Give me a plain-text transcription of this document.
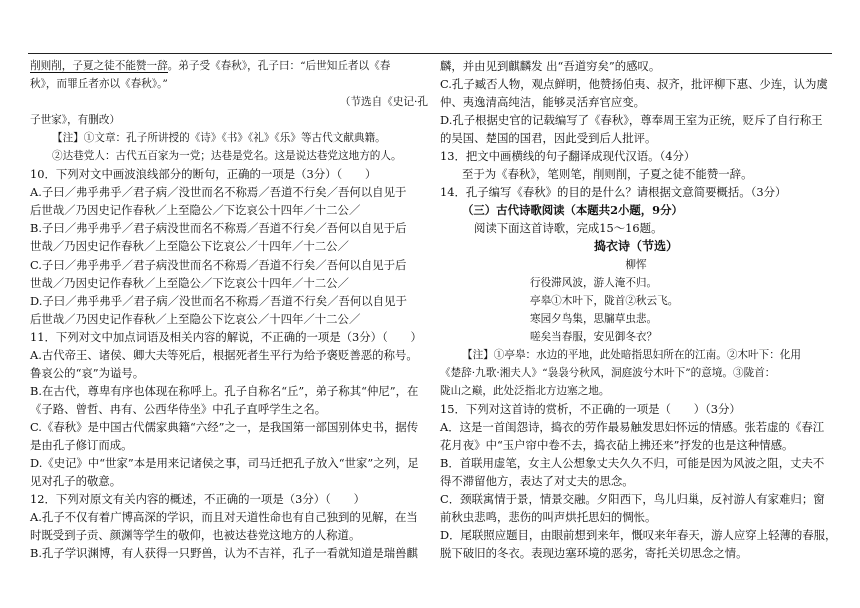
削则削，子夏之徒不能赞一辞。弟子受《春秋》，孔子曰：“后世知丘者以《春
秋》，而罪丘者亦以《春秋》。”
（节选自《史记·孔
子世家》，有删改）
【注】①文章：孔子所讲授的《诗》《书》《礼》《乐》等古代文献典籍。
②达巷党人：古代五百家为一党；达巷是党名。这是说达巷党这地方的人。
10．下列对文中画波浪线部分的断句，正确的一项是（3分）（　　）
A.子曰／弗乎弗乎／君子病／没世而名不称焉／吾道不行矣／吾何以自见于
后世哉／乃因史记作春秋／上至隐公／下讫哀公十四年／十二公／
B.子曰／弗乎弗乎／君子病没世而名不称焉／吾道不行矣／吾何以自见于后
世哉／乃因史记作春秋／上至隐公下讫哀公／十四年／十二公／
C.子曰／弗乎弗乎／君子病没世而名不称焉／吾道不行矣／吾何以自见于后
世哉／乃因史记作春秋／上至隐公／下讫哀公十四年／十二公／
D.子曰／弗乎弗乎／君子病／没世而名不称焉／吾道不行矣／吾何以自见于
后世哉／乃因史记作春秋／上至隐公下讫哀公／十四年／十二公／
11．下列对文中加点词语及相关内容的解说，不正确的一项是（3分）（　　）
A.古代帝王、诸侯、卿大夫等死后，根据死者生平行为给予褒贬善恶的称号。
鲁哀公的“哀”为谥号。
B.在古代，尊卑有序也体现在称呼上。孔子自称名“丘”，弟子称其“仲尼”，在
《子路、曾哲、冉有、公西华侍坐》中孔子直呼学生之名。
C.《春秋》是中国古代儒家典籍“六经”之一，是我国第一部国别体史书，据传
是由孔子修订而成。
D.《史记》中“世家”本是用来记诸侯之事，司马迁把孔子放入“世家”之列，足
见对孔子的敬意。
12．下列对原文有关内容的概述，不正确的一项是（3分）（　　）
A.孔子不仅有着广博高深的学识，而且对天道性命也有自己独到的见解，在当
时既受到子贡、颜渊等学生的敬仰，也被达巷党这地方的人称道。
B.孔子学识渊博，有人获得一只野兽，认为不吉祥，孔子一看就知道是瑞兽麒
麟，并由见到麒麟发 出“吾道穷矣”的感叹。
C.孔子臧否人物，观点鲜明，他赞扬伯夷、叔齐，批评柳下惠、少连，认为虞
仲、夷逸清高纯洁，能够灵活弃官应变。
D.孔子根据史官的记载编写了《春秋》，尊奉周王室为正统，贬斥了自行称王
的吴国、楚国的国君，因此受到后人批评。
13．把文中画横线的句子翻译成现代汉语。（4分）
至于为《春秋》，笔则笔，削则削，子夏之徒不能赞一辞。
14．孔子编写《春秋》的目的是什么？请根据文意简要概括。（3分）
（三）古代诗歌阅读（本题共2小题，9分）
阅读下面这首诗歌，完成15～16题。
捣衣诗（节选）
柳恽
行役滞风波，游人淹不归。
亭皋①木叶下，陇首②秋云飞。
寒园夕鸟集，思牖草虫悲。
嗟矣当春服，安见御冬衣？
【注】①亭皋：水边的平地，此处暗指思妇所在的江南。②木叶下：化用
《楚辞·九歌·湘夫人》“袅袅兮秋风，洞庭波兮木叶下”的意境。③陇首：
陇山之巅，此处泛指北方边塞之地。
15．下列对这首诗的赏析，不正确的一项是（　　）（3分）
A．这是一首闺怨诗，捣衣的劳作最易触发思妇怀远的情感。张若虚的《春江
花月夜》中“玉户帘中卷不去，捣衣砧上拂还来”抒发的也是这种情感。
B．首联用虚笔，女主人公想象丈夫久久不归，可能是因为风波之阻，丈夫不
得不滞留他方，表达了对丈夫的思念。
C．颈联寓情于景，情景交融。夕阳西下，鸟儿归巢，反衬游人有家难归；窗
前秋虫悲鸣，悲伤的叫声烘托思妇的惆怅。
D．尾联照应题目，由眼前想到来年，慨叹来年春天，游人应穿上轻薄的春服，
脱下破旧的冬衣。表现边塞环境的恶劣，寄托关切思念之情。
